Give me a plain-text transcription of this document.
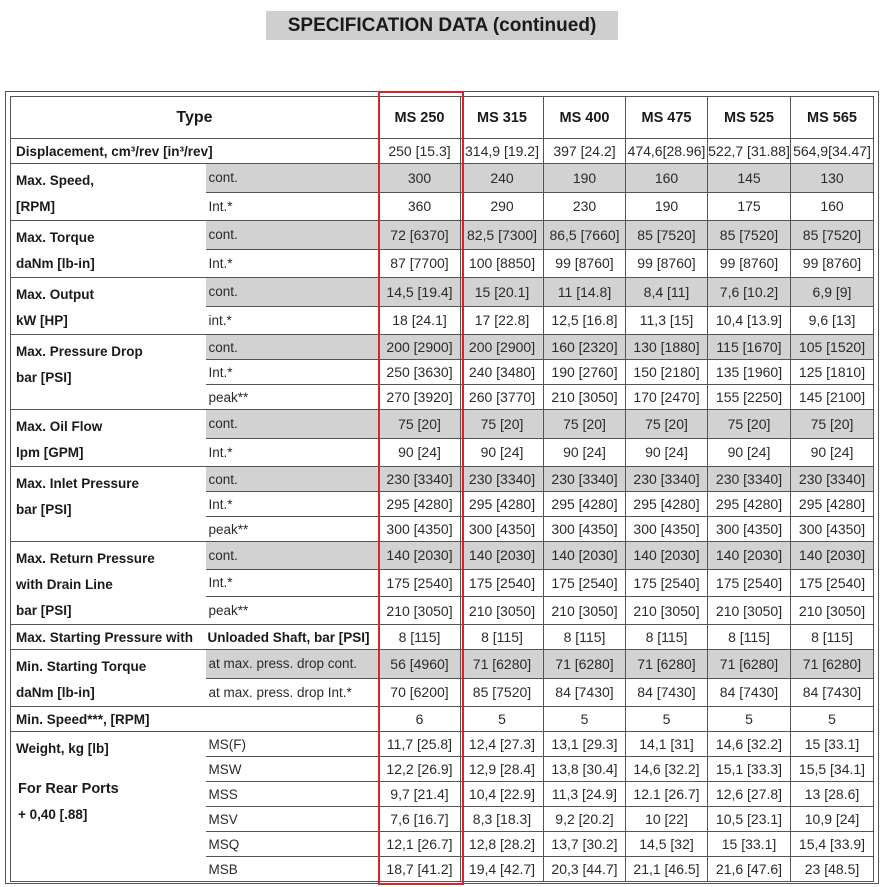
SPECIFICATION DATA (continued)
Type		MS 250	MS 315	MS 400	MS 475	MS 525	MS 565
Displacement, cm³/rev [in³/rev]		250 [15.3]	314,9 [19.2]	397 [24.2]	474,6[28.96]	522,7 [31.88]	564,9[34.47]

Max. Speed,
[RPM]	cont.	300	240	190	160	145	130
	Int.*	360	290	230	190	175	160

Max. Torque
daNm [lb-in]	cont.	72 [6370]	82,5 [7300]	86,5 [7660]	85 [7520]	85 [7520]	85 [7520]
	Int.*	87 [7700]	100 [8850]	99 [8760]	99 [8760]	99 [8760]	99 [8760]

Max. Output
kW [HP]	cont.	14,5 [19.4]	15 [20.1]	11 [14.8]	8,4 [11]	7,6 [10.2]	6,9 [9]
	int.*	18 [24.1]	17 [22.8]	12,5 [16.8]	11,3 [15]	10,4 [13.9]	9,6 [13]

Max. Pressure Drop
bar [PSI]	cont.	200 [2900]	200 [2900]	160 [2320]	130 [1880]	115 [1670]	105 [1520]
	Int.*	250 [3630]	240 [3480]	190 [2760]	150 [2180]	135 [1960]	125 [1810]
	peak**	270 [3920]	260 [3770]	210 [3050]	170 [2470]	155 [2250]	145 [2100]

Max. Oil Flow
lpm [GPM]	cont.	75 [20]	75 [20]	75 [20]	75 [20]	75 [20]	75 [20]
	Int.*	90 [24]	90 [24]	90 [24]	90 [24]	90 [24]	90 [24]

Max. Inlet Pressure
bar [PSI]	cont.	230 [3340]	230 [3340]	230 [3340]	230 [3340]	230 [3340]	230 [3340]
	Int.*	295 [4280]	295 [4280]	295 [4280]	295 [4280]	295 [4280]	295 [4280]
	peak**	300 [4350]	300 [4350]	300 [4350]	300 [4350]	300 [4350]	300 [4350]

Max. Return Pressure
with Drain Line
bar [PSI]	cont.	140 [2030]	140 [2030]	140 [2030]	140 [2030]	140 [2030]	140 [2030]
	Int.*	175 [2540]	175 [2540]	175 [2540]	175 [2540]	175 [2540]	175 [2540]
	peak**	210 [3050]	210 [3050]	210 [3050]	210 [3050]	210 [3050]	210 [3050]
Max. Starting Pressure with	Unloaded Shaft, bar [PSI]	8 [115]	8 [115]	8 [115]	8 [115]	8 [115]	8 [115]

Min. Starting Torque
daNm [lb-in]	at max. press. drop cont.	56 [4960]	71 [6280]	71 [6280]	71 [6280]	71 [6280]	71 [6280]
	at max. press. drop Int.*	70 [6200]	85 [7520]	84 [7430]	84 [7430]	84 [7430]	84 [7430]
Min. Speed***, [RPM]		6	5	5	5	5	5

Weight, kg [lb]
For Rear Ports
+ 0,40 [.88]	MS(F)	11,7 [25.8]	12,4 [27.3]	13,1 [29.3]	14,1 [31]	14,6 [32.2]	15 [33.1]
	MSW	12,2 [26.9]	12,9 [28.4]	13,8 [30.4]	14,6 [32.2]	15,1 [33.3]	15,5 [34.1]
	MSS	9,7 [21.4]	10,4 [22.9]	11,3 [24.9]	12.1 [26.7]	12,6 [27.8]	13 [28.6]
	MSV	7,6 [16.7]	8,3 [18.3]	9,2 [20.2]	10 [22]	10,5 [23.1]	10,9 [24]
	MSQ	12,1 [26.7]	12,8 [28.2]	13,7 [30.2]	14,5 [32]	15 [33.1]	15,4 [33.9]
	MSB	18,7 [41.2]	19,4 [42.7]	20,3 [44.7]	21,1 [46.5]	21,6 [47.6]	23 [48.5]
